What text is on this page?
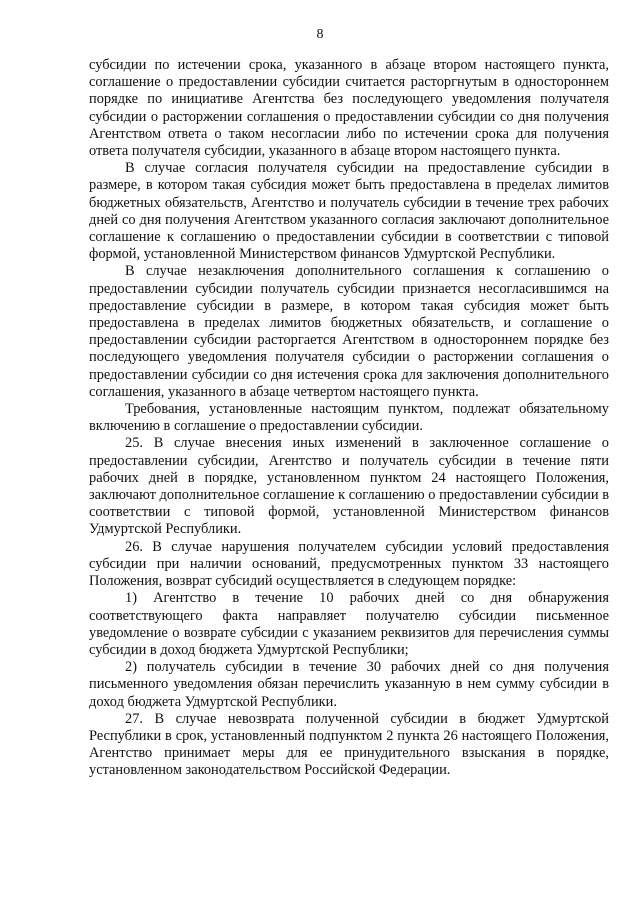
8

субсидии по истечении срока, указанного в абзаце втором настоящего пункта, соглашение о предоставлении субсидии считается расторгнутым в одностороннем порядке по инициативе Агентства без последующего уведомления получателя субсидии о расторжении соглашения о предоставлении субсидии со дня получения Агентством ответа о таком несогласии либо по истечении срока для получения ответа получателя субсидии, указанного в абзаце втором настоящего пункта.

В случае согласия получателя субсидии на предоставление субсидии в размере, в котором такая субсидия может быть предоставлена в пределах лимитов бюджетных обязательств, Агентство и получатель субсидии в течение трех рабочих дней со дня получения Агентством указанного согласия заключают дополнительное соглашение к соглашению о предоставлении субсидии в соответствии с типовой формой, установленной Министерством финансов Удмуртской Республики.

В случае незаключения дополнительного соглашения к соглашению о предоставлении субсидии получатель субсидии признается несогласившимся на предоставление субсидии в размере, в котором такая субсидия может быть предоставлена в пределах лимитов бюджетных обязательств, и соглашение о предоставлении субсидии расторгается Агентством в одностороннем порядке без последующего уведомления получателя субсидии о расторжении соглашения о предоставлении субсидии со дня истечения срока для заключения дополнительного соглашения, указанного в абзаце четвертом настоящего пункта.

Требования, установленные настоящим пунктом, подлежат обязательному включению в соглашение о предоставлении субсидии.

25. В случае внесения иных изменений в заключенное соглашение о предоставлении субсидии, Агентство и получатель субсидии в течение пяти рабочих дней в порядке, установленном пунктом 24 настоящего Положения, заключают дополнительное соглашение к соглашению о предоставлении субсидии в соответствии с типовой формой, установленной Министерством финансов Удмуртской Республики.

26. В случае нарушения получателем субсидии условий предоставления субсидии при наличии оснований, предусмотренных пунктом 33 настоящего Положения, возврат субсидий осуществляется в следующем порядке:

1) Агентство в течение 10 рабочих дней со дня обнаружения соответствующего факта направляет получателю субсидии письменное уведомление о возврате субсидии с указанием реквизитов для перечисления суммы субсидии в доход бюджета Удмуртской Республики;

2) получатель субсидии в течение 30 рабочих дней со дня получения письменного уведомления обязан перечислить указанную в нем сумму субсидии в доход бюджета Удмуртской Республики.

27. В случае невозврата полученной субсидии в бюджет Удмуртской Республики в срок, установленный подпунктом 2 пункта 26 настоящего Положения, Агентство принимает меры для ее принудительного взыскания в порядке, установленном законодательством Российской Федерации.
